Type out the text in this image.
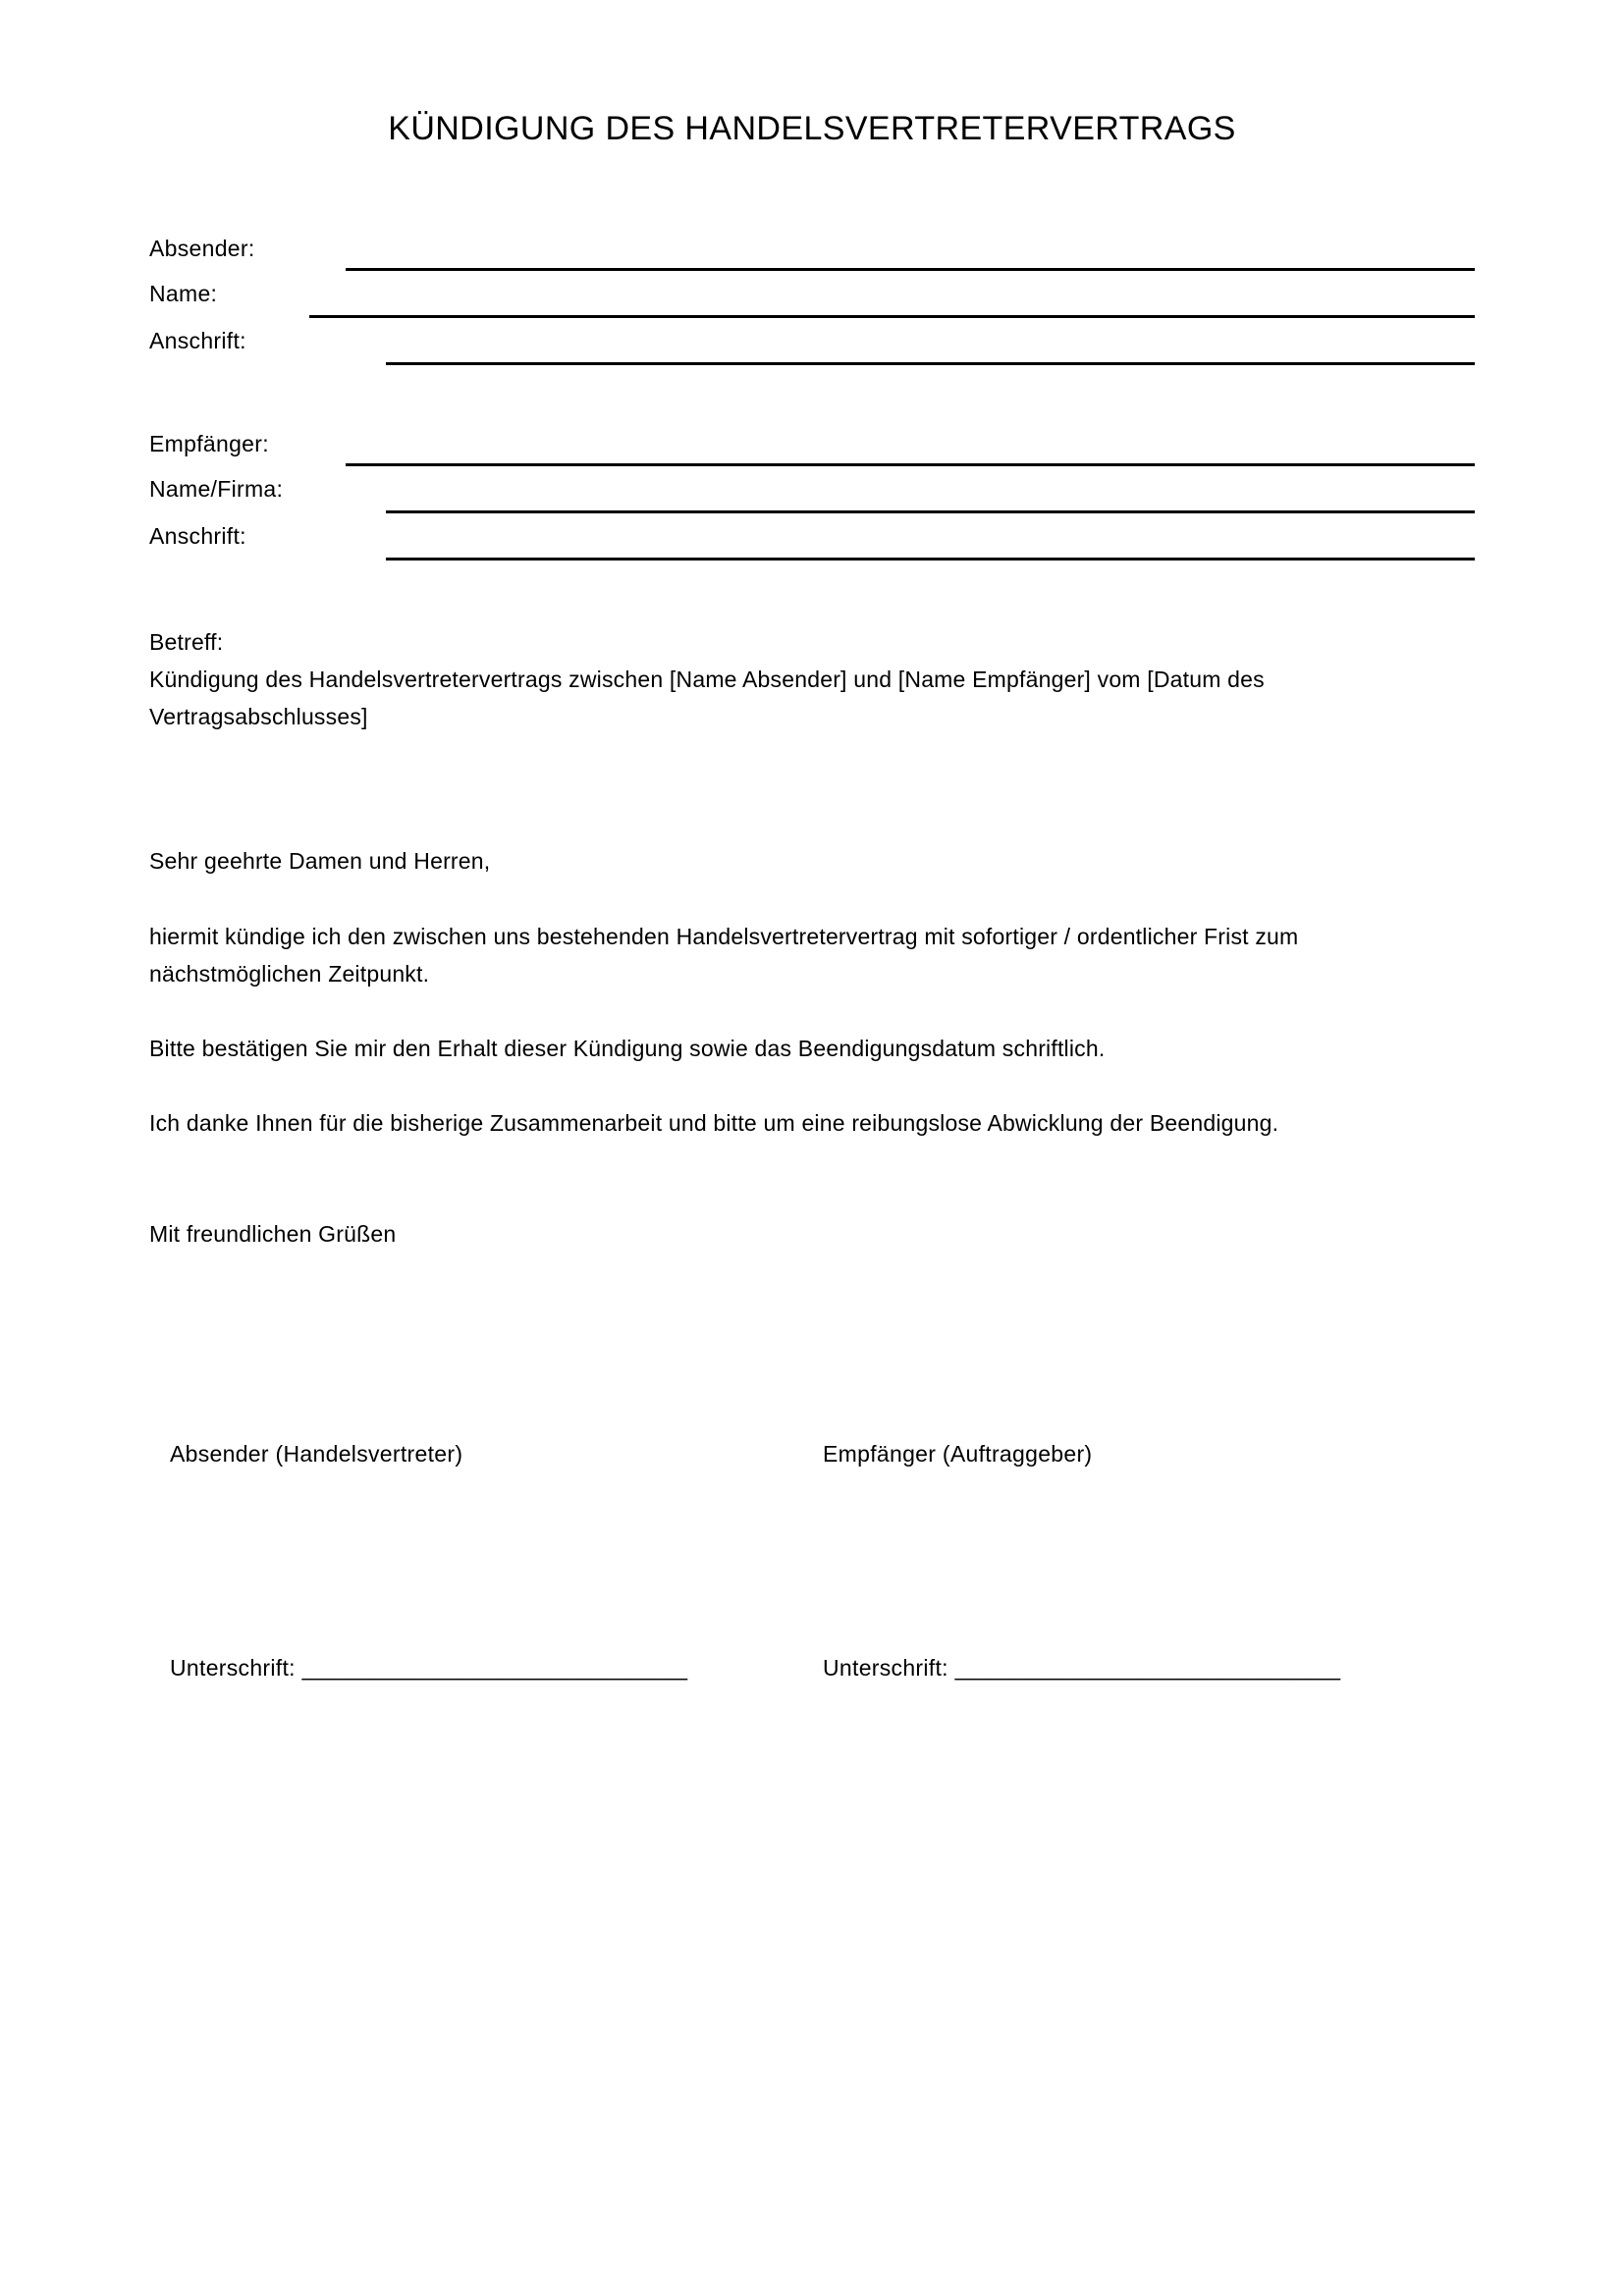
KÜNDIGUNG DES HANDELSVERTRETERVERTRAGS
Absender:
Name:
Anschrift:
Empfänger:
Name/Firma:
Anschrift:

Betreff:

Kündigung des Handelsvertretervertrags zwischen [Name Absender] und [Name Empfänger] vom [Datum des Vertragsabschlusses]

Sehr geehrte Damen und Herren,

hiermit kündige ich den zwischen uns bestehenden Handelsvertretervertrag mit sofortiger / ordentlicher Frist zum nächstmöglichen Zeitpunkt.

Bitte bestätigen Sie mir den Erhalt dieser Kündigung sowie das Beendigungsdatum schriftlich.

Ich danke Ihnen für die bisherige Zusammenarbeit und bitte um eine reibungslose Abwicklung der Beendigung.

Mit freundlichen Grüßen

Absender (Handelsvertreter)	Empfänger (Auftraggeber)
Unterschrift: ______________________________	Unterschrift: ______________________________
